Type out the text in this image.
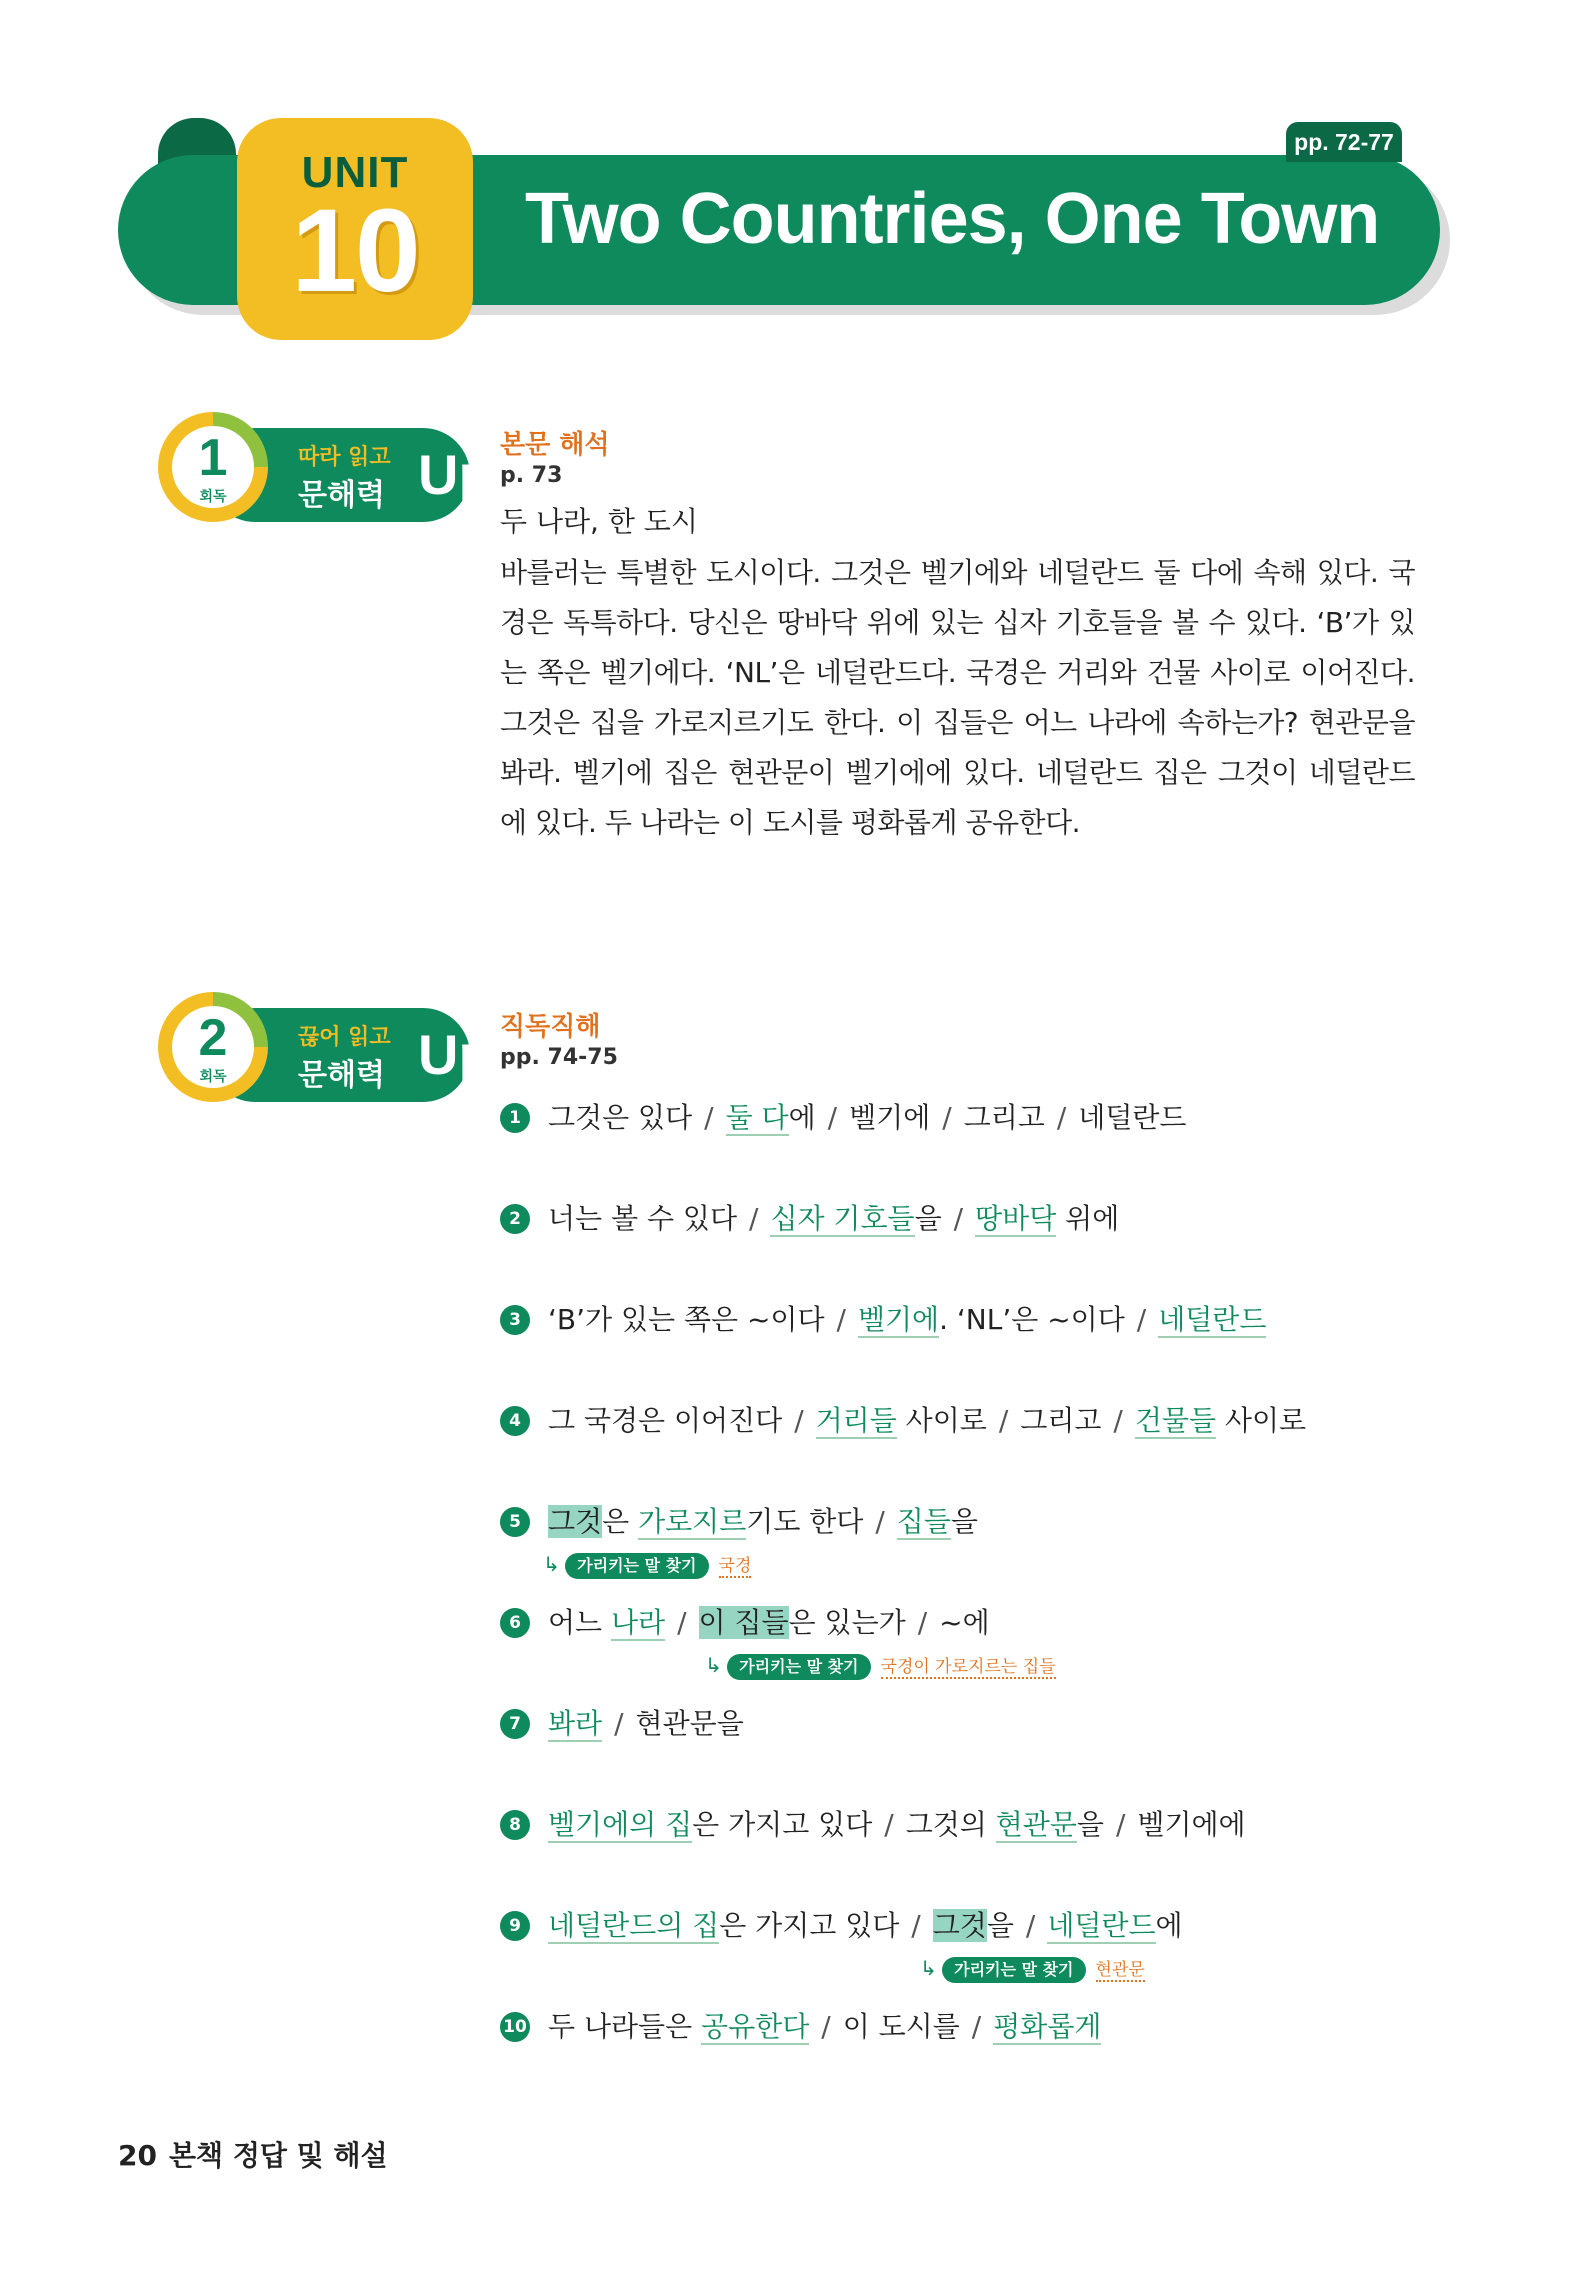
pp. 72-77
UNIT
10	Two Countries, One Town
1
회독
따라 읽고
문해력 Up 본문 해석
p. 73
두 나라, 한 도시
바를러는 특별한 도시이다. 그것은 벨기에와 네덜란드 둘 다에 속해 있다. 국경은 독특하다. 당신은 땅바닥 위에 있는 십자 기호들을 볼 수 있다. ‘B’가 있는 쪽은 벨기에다. ‘NL’은 네덜란드다. 국경은 거리와 건물 사이로 이어진다. 그것은 집을 가로지르기도 한다. 이 집들은 어느 나라에 속하는가? 현관문을 봐라. 벨기에 집은 현관문이 벨기에에 있다. 네덜란드 집은 그것이 네덜란드에 있다. 두 나라는 이 도시를 평화롭게 공유한다.
2
회독
끊어 읽고
문해력 Up 직독직해
pp. 74-75
1 그것은 있다 / 둘 다에 / 벨기에 / 그리고 / 네덜란드
2 너는 볼 수 있다 / 십자 기호들을 / 땅바닥 위에
3 ‘B’가 있는 쪽은 ~이다 / 벨기에. ‘NL’은 ~이다 / 네덜란드
4 그 국경은 이어진다 / 거리들 사이로 / 그리고 / 건물들 사이로
5 그것은 가로지르기도 한다 / 집들을
↳ 가리키는 말 찾기 국경
6 어느 나라 / 이 집들은 있는가 / ~에
↳ 가리키는 말 찾기 국경이 가로지르는 집들
7 봐라 / 현관문을
8 벨기에의 집은 가지고 있다 / 그것의 현관문을 / 벨기에에
9 네덜란드의 집은 가지고 있다 / 그것을 / 네덜란드에
↳ 가리키는 말 찾기 현관문
10 두 나라들은 공유한다 / 이 도시를 / 평화롭게
20 본책 정답 및 해설
